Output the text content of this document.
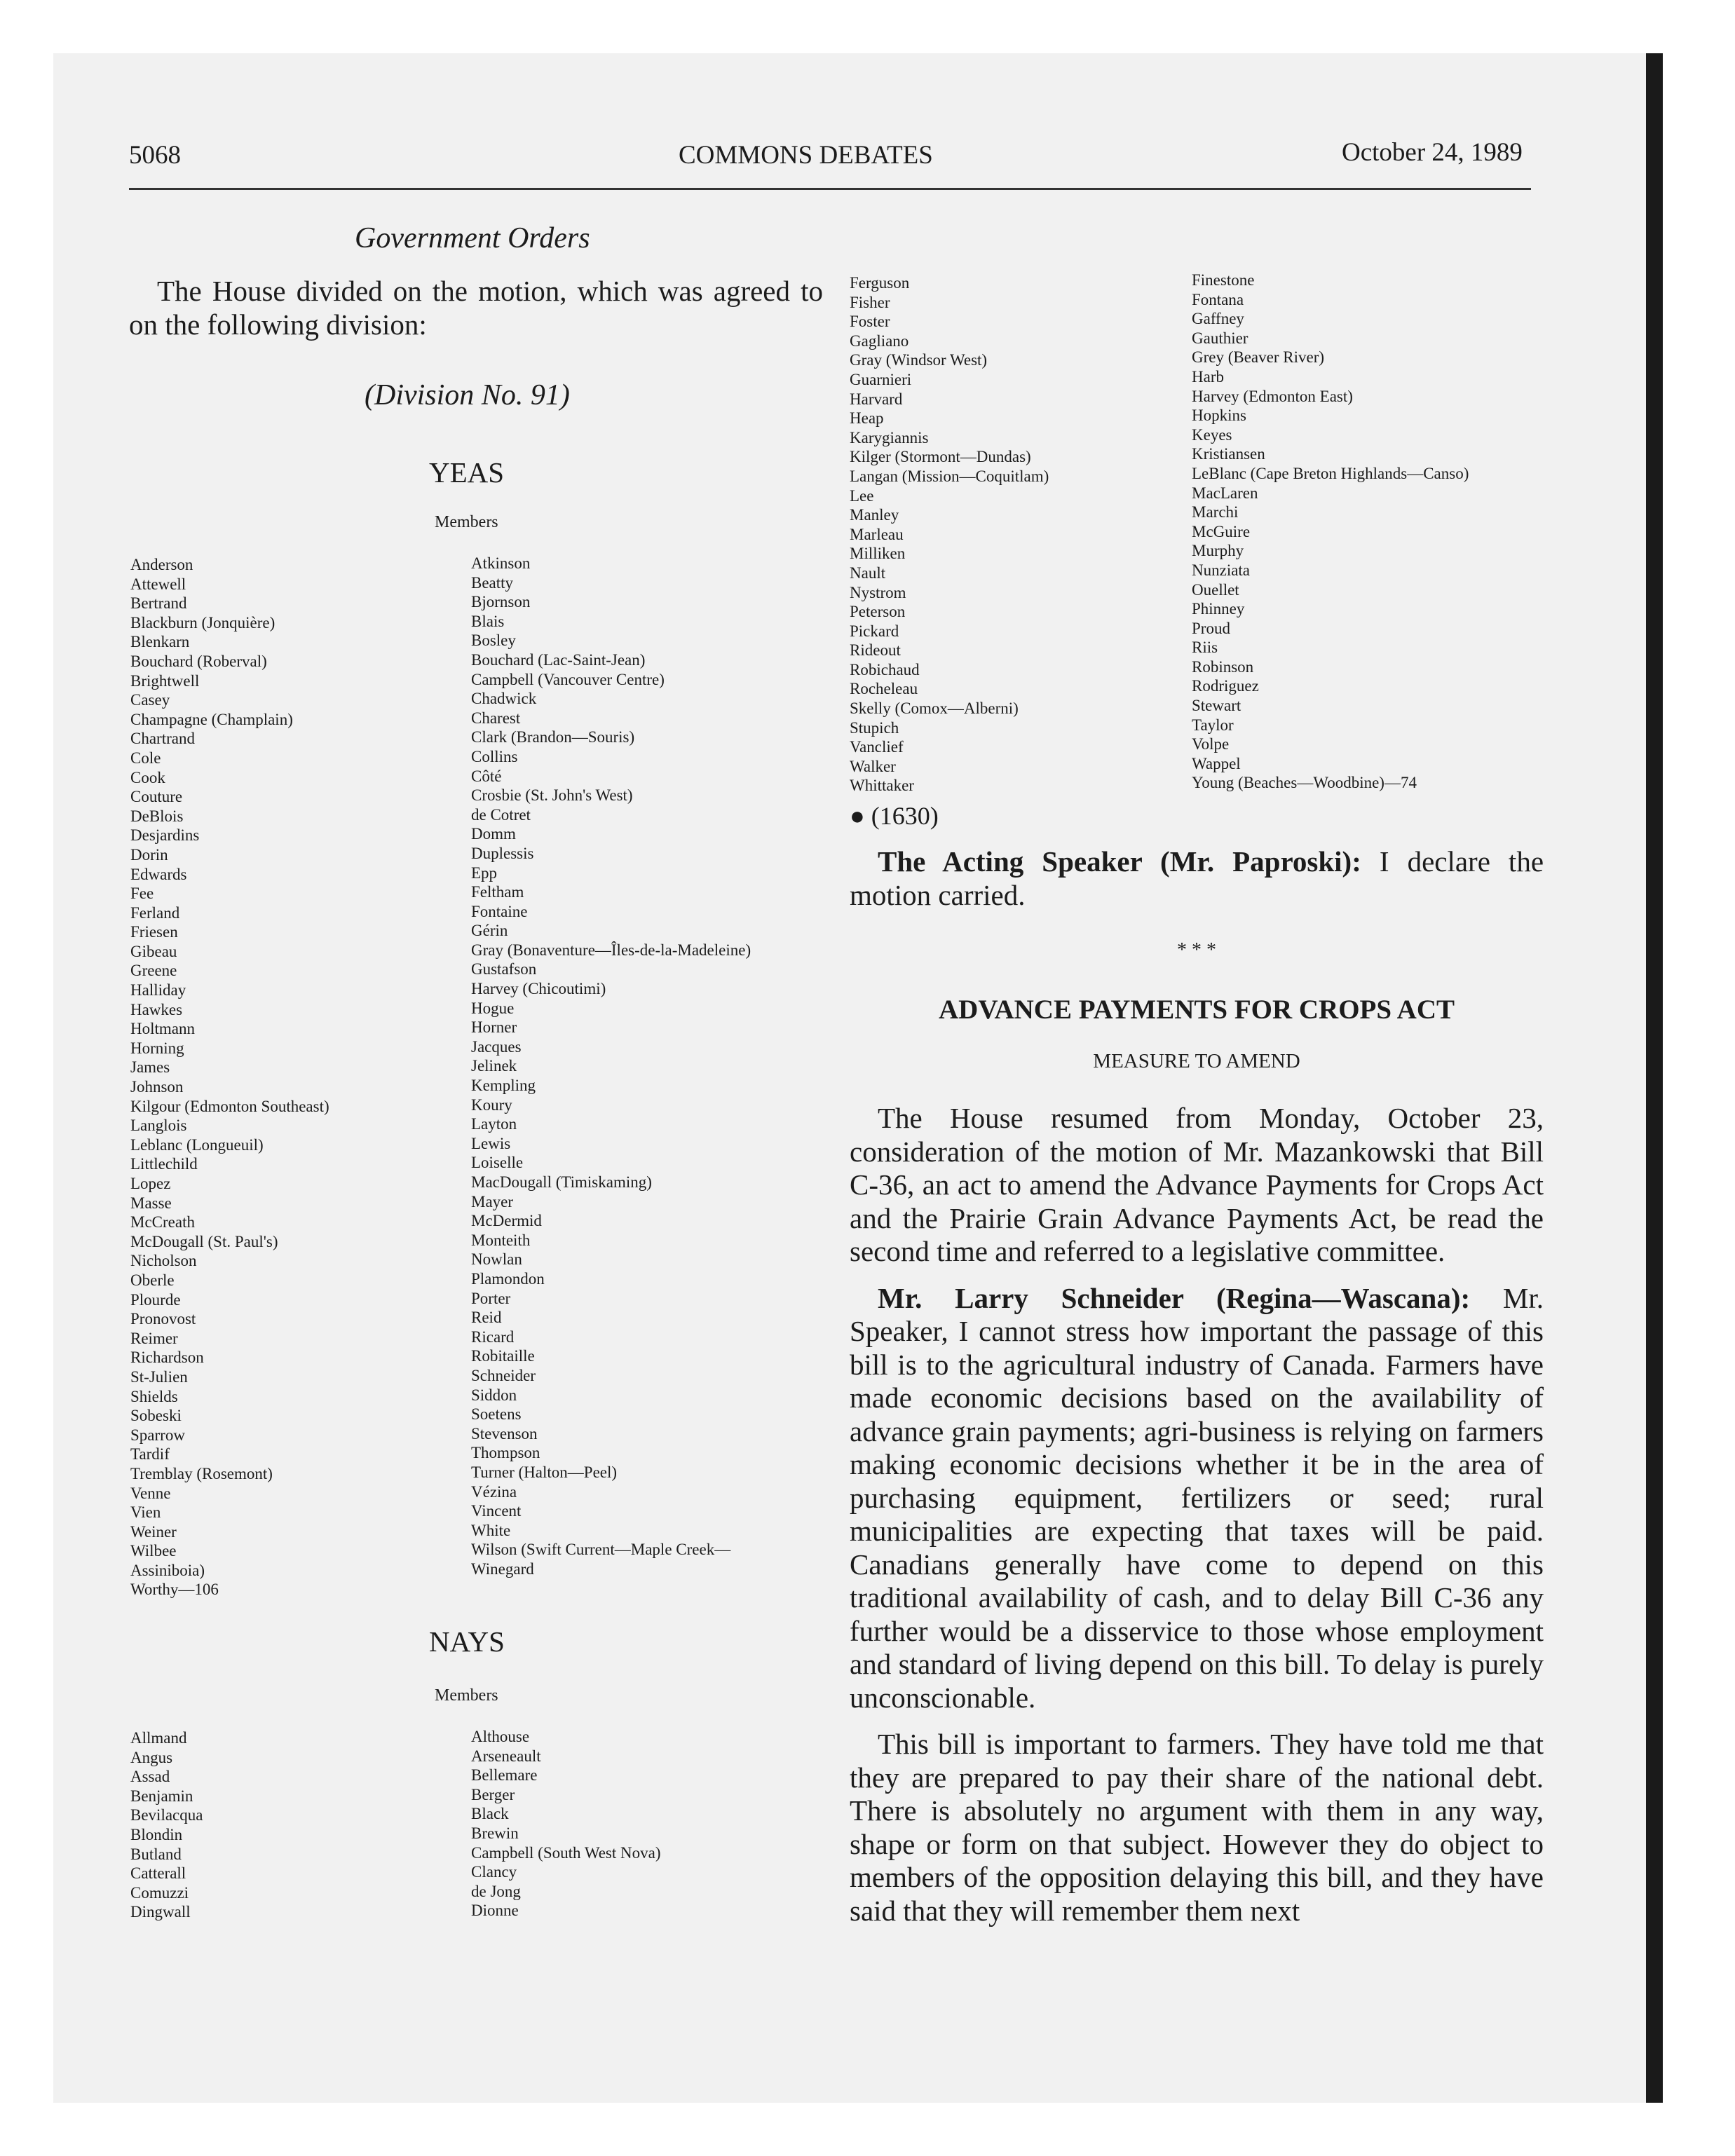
5068	COMMONS DEBATES	October 24, 1989
Government Orders
The House divided on the motion, which was agreed to on the following division:
(Division No. 91)
YEAS
Members
Anderson
Attewell
Bertrand
Blackburn (Jonquière)
Blenkarn
Bouchard (Roberval)
Brightwell
Casey
Champagne (Champlain)
Chartrand
Cole
Cook
Couture
DeBlois
Desjardins
Dorin
Edwards
Fee
Ferland
Friesen
Gibeau
Greene
Halliday
Hawkes
Holtmann
Horning
James
Johnson
Kilgour (Edmonton Southeast)
Langlois
Leblanc (Longueuil)
Littlechild
Lopez
Masse
McCreath
McDougall (St. Paul's)
Nicholson
Oberle
Plourde
Pronovost
Reimer
Richardson
St-Julien
Shields
Sobeski
Sparrow
Tardif
Tremblay (Rosemont)
Venne
Vien
Weiner
Wilbee
Assiniboia)
Worthy—106
Atkinson
Beatty
Bjornson
Blais
Bosley
Bouchard (Lac-Saint-Jean)
Campbell (Vancouver Centre)
Chadwick
Charest
Clark (Brandon—Souris)
Collins
Côté
Crosbie (St. John's West)
de Cotret
Domm
Duplessis
Epp
Feltham
Fontaine
Gérin
Gray (Bonaventure—Îles-de-la-Madeleine)
Gustafson
Harvey (Chicoutimi)
Hogue
Horner
Jacques
Jelinek
Kempling
Koury
Layton
Lewis
Loiselle
MacDougall (Timiskaming)
Mayer
McDermid
Monteith
Nowlan
Plamondon
Porter
Reid
Ricard
Robitaille
Schneider
Siddon
Soetens
Stevenson
Thompson
Turner (Halton—Peel)
Vézina
Vincent
White
Wilson (Swift Current—Maple Creek—
Winegard
NAYS
Members
Allmand
Angus
Assad
Benjamin
Bevilacqua
Blondin
Butland
Catterall
Comuzzi
Dingwall
Althouse
Arseneault
Bellemare
Berger
Black
Brewin
Campbell (South West Nova)
Clancy
de Jong
Dionne
Ferguson
Fisher
Foster
Gagliano
Gray (Windsor West)
Guarnieri
Harvard
Heap
Karygiannis
Kilger (Stormont—Dundas)
Langan (Mission—Coquitlam)
Lee
Manley
Marleau
Milliken
Nault
Nystrom
Peterson
Pickard
Rideout
Robichaud
Rocheleau
Skelly (Comox—Alberni)
Stupich
Vanclief
Walker
Whittaker
Finestone
Fontana
Gaffney
Gauthier
Grey (Beaver River)
Harb
Harvey (Edmonton East)
Hopkins
Keyes
Kristiansen
LeBlanc (Cape Breton Highlands—Canso)
MacLaren
Marchi
McGuire
Murphy
Nunziata
Ouellet
Phinney
Proud
Riis
Robinson
Rodriguez
Stewart
Taylor
Volpe
Wappel
Young (Beaches—Woodbine)—74
● (1630)
The Acting Speaker (Mr. Paproski): I declare the motion carried.
* * *
ADVANCE PAYMENTS FOR CROPS ACT
MEASURE TO AMEND

The House resumed from Monday, October 23, consideration of the motion of Mr. Mazankowski that Bill C-36, an act to amend the Advance Payments for Crops Act and the Prairie Grain Advance Payments Act, be read the second time and referred to a legislative committee.

Mr. Larry Schneider (Regina—Wascana): Mr. Speaker, I cannot stress how important the passage of this bill is to the agricultural industry of Canada. Farmers have made economic decisions based on the availability of advance grain payments; agri-business is relying on farmers making economic decisions whether it be in the area of purchasing equipment, fertilizers or seed; rural municipalities are expecting that taxes will be paid. Canadians generally have come to depend on this traditional availability of cash, and to delay Bill C-36 any further would be a disservice to those whose employment and standard of living depend on this bill. To delay is purely unconscionable.

This bill is important to farmers. They have told me that they are prepared to pay their share of the national debt. There is absolutely no argument with them in any way, shape or form on that subject. However they do object to members of the opposition delaying this bill, and they have said that they will remember them next
